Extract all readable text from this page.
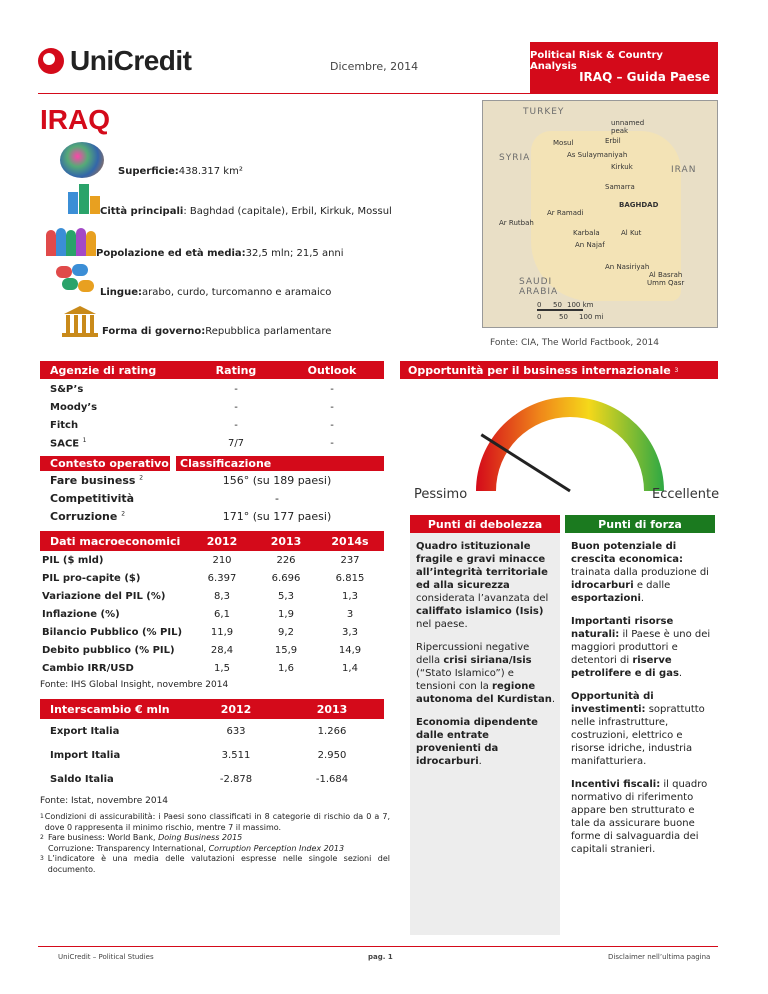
UniCredit	Dicembre, 2014
Political Risk & Country Analysis
IRAQ – Guida Paese
IRAQ
Superficie: 438.317 km²
Città principali : Baghdad (capitale), Erbil, Kirkuk, Mossul
Popolazione ed età media: 32,5 mln; 21,5 anni
Lingue: arabo, curdo, turcomanno e aramaico
Forma di governo: Repubblica parlamentare
TURKEY
SYRIA
IRAN
SAUDI ARABIA
Mosul	Erbil
As Sulaymaniyah
Kirkuk
Samarra
BAGHDAD
Ar Ramadi
Ar Rutbah
Karbala	Al Kut
An Najaf
An Nasiriyah
Al Basrah
Umm Qasr
unnamed peak
0 50 100 km
0	50 100 mi
Fonte: CIA, The World Factbook, 2014
Agenzie di rating	Rating	Outlook
S&P’s	-	-
Moody’s	-	-
Fitch	-	-
SACE $^1$	7/7	-
Contesto operativo	Classificazione
Fare business $^2$	156° (su 189 paesi)
Competitività	-
Corruzione $^2$	171° (su 177 paesi)
Dati macroeconomici	2012	2013	2014s
PIL ($ mld)	210	226	237
PIL pro-capite ($)	6.397	6.696	6.815
Variazione del PIL (%)	8,3	5,3	1,3
Inflazione (%)	6,1	1,9	3
Bilancio Pubblico (% PIL)	11,9	9,2	3,3
Debito pubblico (% PIL)	28,4	15,9	14,9
Cambio IRR/USD	1,5	1,6	1,4
Fonte: IHS Global Insight, novembre 2014
Interscambio € mln	2012	2013
Export Italia	633	1.266
Import Italia	3.511	2.950
Saldo Italia	-2.878	-1.684
Fonte: Istat, novembre 2014
1 Condizioni di assicurabilità: i Paesi sono classificati in 8 categorie di rischio da 0 a 7, dove 0 rappresenta il minimo rischio, mentre 7 il massimo.
2 Fare business: World Bank, Doing Business 2015
Corruzione: Transparency International, Corruption Perception Index 2013
3 L’indicatore è una media delle valutazioni espresse nelle singole sezioni del documento.
Opportunità per il business internazionale
3
Pessimo	Eccellente
Punti di debolezza	Punti di forza

Quadro istituzionale fragile e gravi minacce all’integrità territoriale ed alla sicurezza considerata l’avanzata del califfato islamico (Isis) nel paese.

Ripercussioni negative della crisi siriana/Isis (“Stato Islamico”) e tensioni con la regione autonoma del Kurdistan.

Economia dipendente dalle entrate provenienti da idrocarburi.

Buon potenziale di crescita economica: trainata dalla produzione di idrocarburi e dalle esportazioni.

Importanti risorse naturali: il Paese è uno dei maggiori produttori e detentori di riserve petrolifere e di gas.

Opportunità di investimenti: soprattutto nelle infrastrutture, costruzioni, elettrico e risorse idriche, industria manifatturiera.

Incentivi fiscali: il quadro normativo di riferimento appare ben strutturato e tale da assicurare buone forme di salvaguardia dei capitali stranieri.

UniCredit – Political Studies	pag. 1	Disclaimer nell’ultima pagina
